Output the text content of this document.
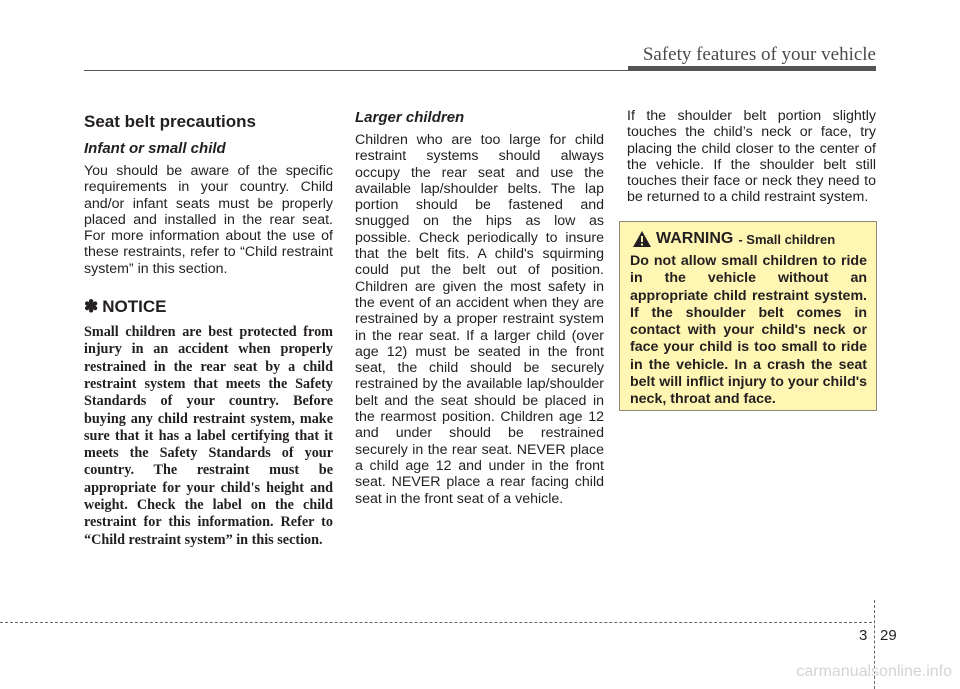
Safety features of your vehicle
Seat belt precautions
Infant or small child

You should be aware of the specific requirements in your country. Child and/or infant seats must be properly placed and installed in the rear seat. For more information about the use of these restraints, refer to “Child restraint system” in this section.

✽ NOTICE

Small children are best protected from injury in an accident when properly restrained in the rear seat by a child restraint system that meets the Safety Standards of your country. Before buying any child restraint system, make sure that it has a label certifying that it meets the Safety Standards of your country. The restraint must be appropriate for your child's height and weight. Check the label on the child restraint for this information. Refer to “Child restraint system” in this section.

Larger children

Children who are too large for child restraint systems should always occupy the rear seat and use the available lap/shoulder belts. The lap portion should be fastened and snugged on the hips as low as possible. Check periodically to insure that the belt fits. A child's squirming could put the belt out of position. Children are given the most safety in the event of an accident when they are restrained by a proper restraint system in the rear seat. If a larger child (over age 12) must be seated in the front seat, the child should be securely restrained by the available lap/shoulder belt and the seat should be placed in the rearmost position. Children age 12 and under should be restrained securely in the rear seat. NEVER place a child age 12 and under in the front seat. NEVER place a rear facing child seat in the front seat of a vehicle.

If the shoulder belt portion slightly touches the child’s neck or face, try placing the child closer to the center of the vehicle. If the shoulder belt still touches their face or neck they need to be returned to a child restraint system.

WARNING - Small children

Do not allow small children to ride in the vehicle without an appropriate child restraint system. If the shoulder belt comes in contact with your child's neck or face your child is too small to ride in the vehicle. In a crash the seat belt will inflict injury to your child's neck, throat and face.

3 29
carmanualsonline.info
